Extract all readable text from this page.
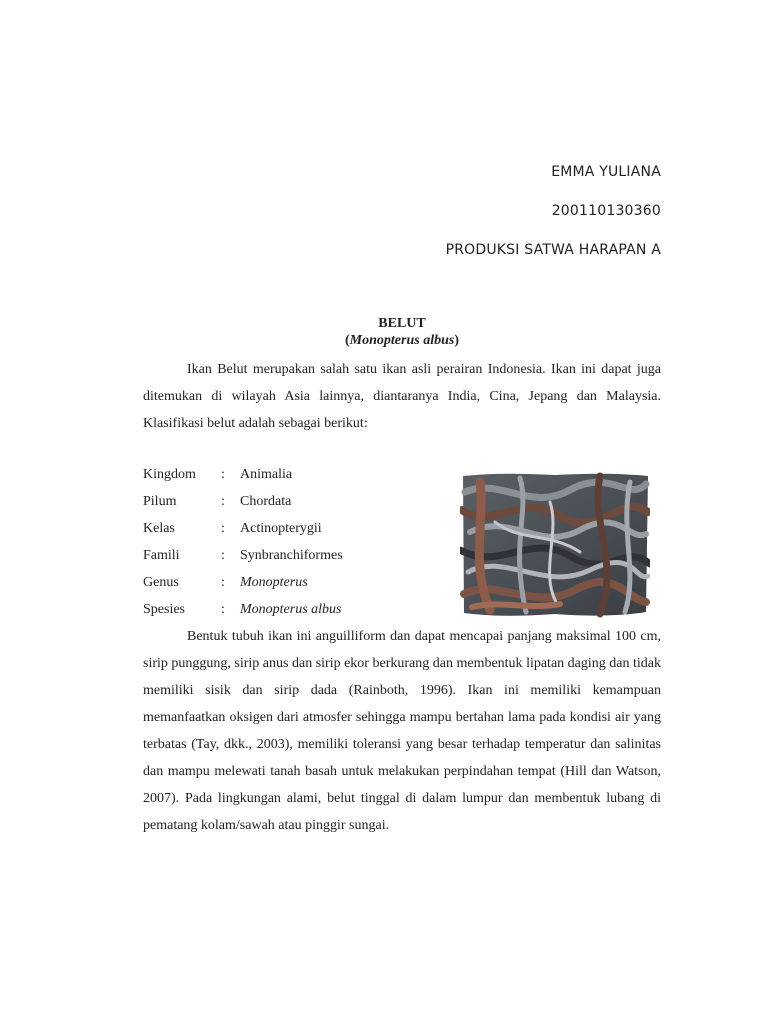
EMMA YULIANA
200110130360
PRODUKSI SATWA HARAPAN A
BELUT
(Monopterus albus)

Ikan Belut merupakan salah satu ikan asli perairan Indonesia. Ikan ini dapat juga ditemukan di wilayah Asia lainnya, diantaranya India, Cina, Jepang dan Malaysia. Klasifikasi belut adalah sebagai berikut:

Kingdom : Animalia
Pilum	: Chordata
Kelas	: Actinopterygii
Famili	: Synbranchiformes
Genus	: Monopterus
Spesies	: Monopterus albus

Bentuk tubuh ikan ini anguilliform dan dapat mencapai panjang maksimal 100 cm, sirip punggung, sirip anus dan sirip ekor berkurang dan membentuk lipatan daging dan tidak memiliki sisik dan sirip dada (Rainboth, 1996). Ikan ini memiliki kemampuan memanfaatkan oksigen dari atmosfer sehingga mampu bertahan lama pada kondisi air yang terbatas (Tay, dkk., 2003), memiliki toleransi yang besar terhadap temperatur dan salinitas dan mampu melewati tanah basah untuk melakukan perpindahan tempat (Hill dan Watson, 2007). Pada lingkungan alami, belut tinggal di dalam lumpur dan membentuk lubang di pematang kolam/sawah atau pinggir sungai.
